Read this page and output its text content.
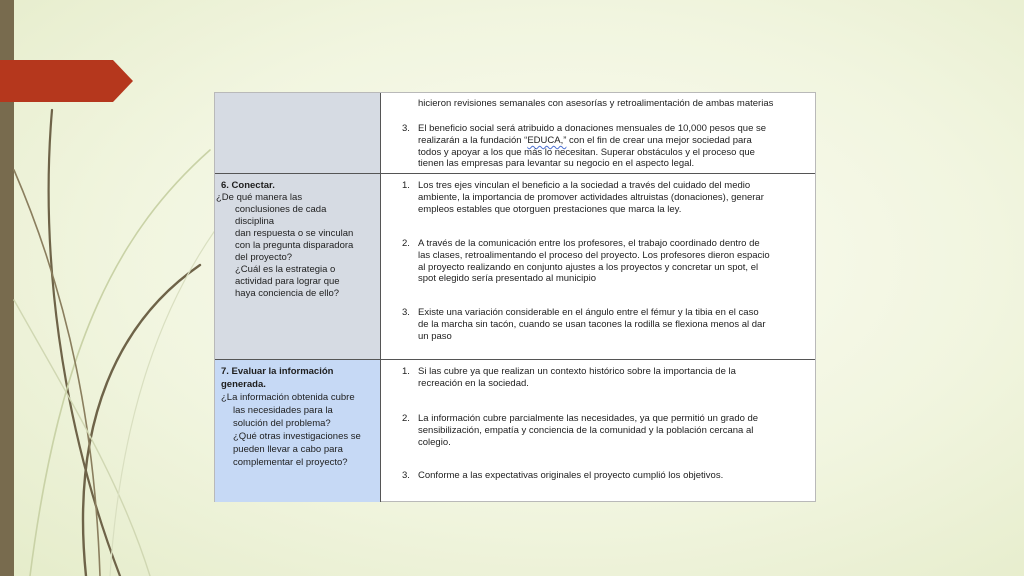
hicieron revisiones semanales con asesorías y retroalimentación de ambas materias
3. El beneficio social será atribuido a donaciones mensuales de 10,000 pesos que se
realizarán a la fundación “EDUCA,” con el fin de crear una mejor sociedad para
todos y apoyar a los que más lo necesitan. Superar obstáculos y el proceso que
tienen las empresas para levantar su negocio en el aspecto legal.
6. Conectar.
¿De qué manera las
conclusiones de cada
disciplina
dan respuesta o se vinculan
con la pregunta disparadora
del proyecto?
¿Cuál es la estrategia o
actividad para lograr que
haya conciencia de ello?
1. Los tres ejes vinculan el beneficio a la sociedad a través del cuidado del medio
ambiente, la importancia de promover actividades altruistas (donaciones), generar
empleos estables que otorguen prestaciones que marca la ley.
2. A través de la comunicación entre los profesores, el trabajo coordinado dentro de
las clases, retroalimentando el proceso del proyecto. Los profesores dieron espacio
al proyecto realizando en conjunto ajustes a los proyectos y concretar un spot, el
spot elegido sería presentado al municipio
3. Existe una variación considerable en el ángulo entre el fémur y la tibia en el caso
de la marcha sin tacón, cuando se usan tacones la rodilla se flexiona menos al dar
un paso
7. Evaluar la información
generada.
¿La información obtenida cubre
las necesidades para la
solución del problema?
¿Qué otras investigaciones se
pueden llevar a cabo para
complementar el proyecto?
1. Si las cubre ya que realizan un contexto histórico sobre la importancia de la
recreación en la sociedad.
2. La información cubre parcialmente las necesidades, ya que permitió un grado de
sensibilización, empatía y conciencia de la comunidad y la población cercana al
colegio.
3. Conforme a las expectativas originales el proyecto cumplió los objetivos.
